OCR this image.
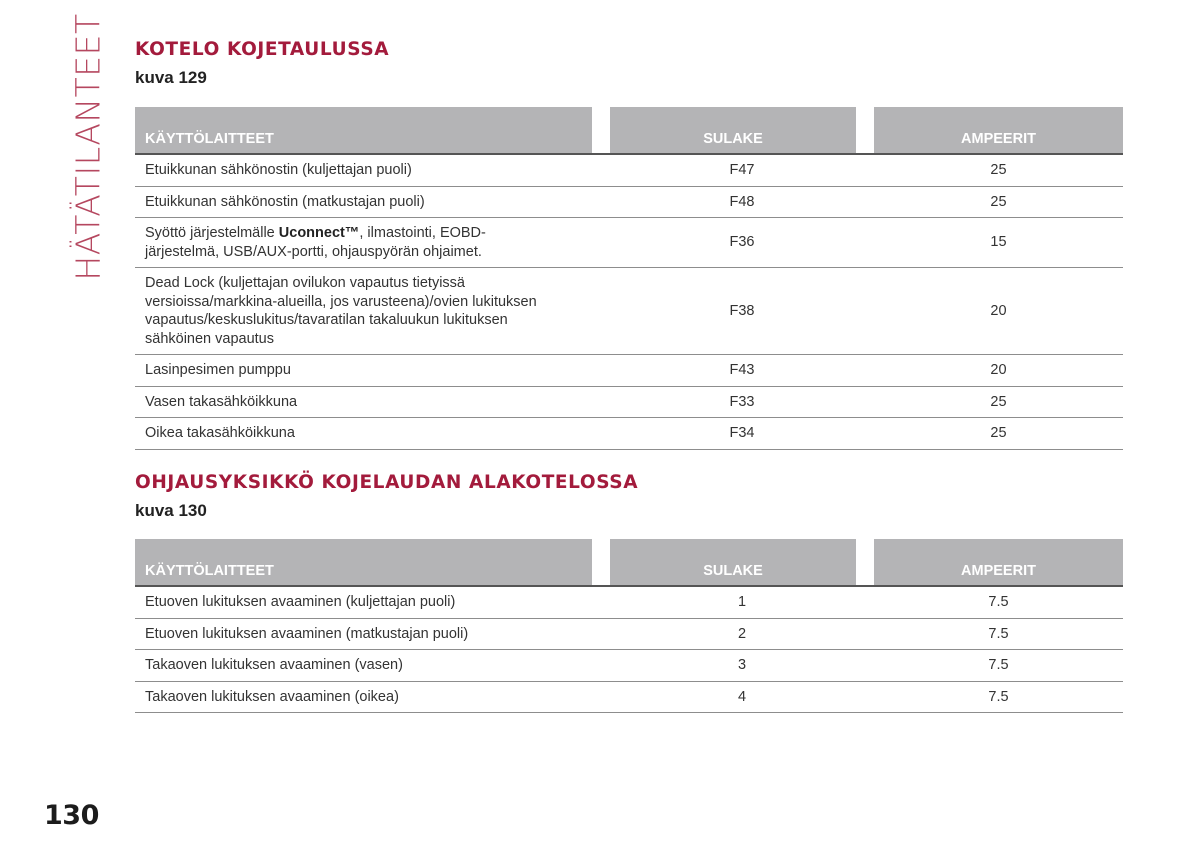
HÄTÄTILANTEET KOTELO KOJETAULUSSA

kuva 129

KÄYTTÖLAITTEET		SULAKE		AMPEERIT
Etuikkunan sähkönostin (kuljettajan puoli)		F47		25
Etuikkunan sähkönostin (matkustajan puoli)		F48		25
Syöttö järjestelmälle Uconnect™, ilmastointi, EOBD-järjestelmä, USB/AUX-portti, ohjauspyörän ohjaimet.		F36		15
Dead Lock (kuljettajan ovilukon vapautus tietyissä versioissa/markkina-alueilla, jos varusteena)/ovien lukituksen vapautus/keskuslukitus/tavaratilan takaluukun lukituksen sähköinen vapautus		F38		20
Lasinpesimen pumppu		F43		20
Vasen takasähköikkuna		F33		25
Oikea takasähköikkuna		F34		25
OHJAUSYKSIKKÖ KOJELAUDAN ALAKOTELOSSA

kuva 130

KÄYTTÖLAITTEET		SULAKE		AMPEERIT
Etuoven lukituksen avaaminen (kuljettajan puoli)		1		7.5
Etuoven lukituksen avaaminen (matkustajan puoli)		2		7.5
Takaoven lukituksen avaaminen (vasen)		3		7.5
Takaoven lukituksen avaaminen (oikea)		4		7.5
130
